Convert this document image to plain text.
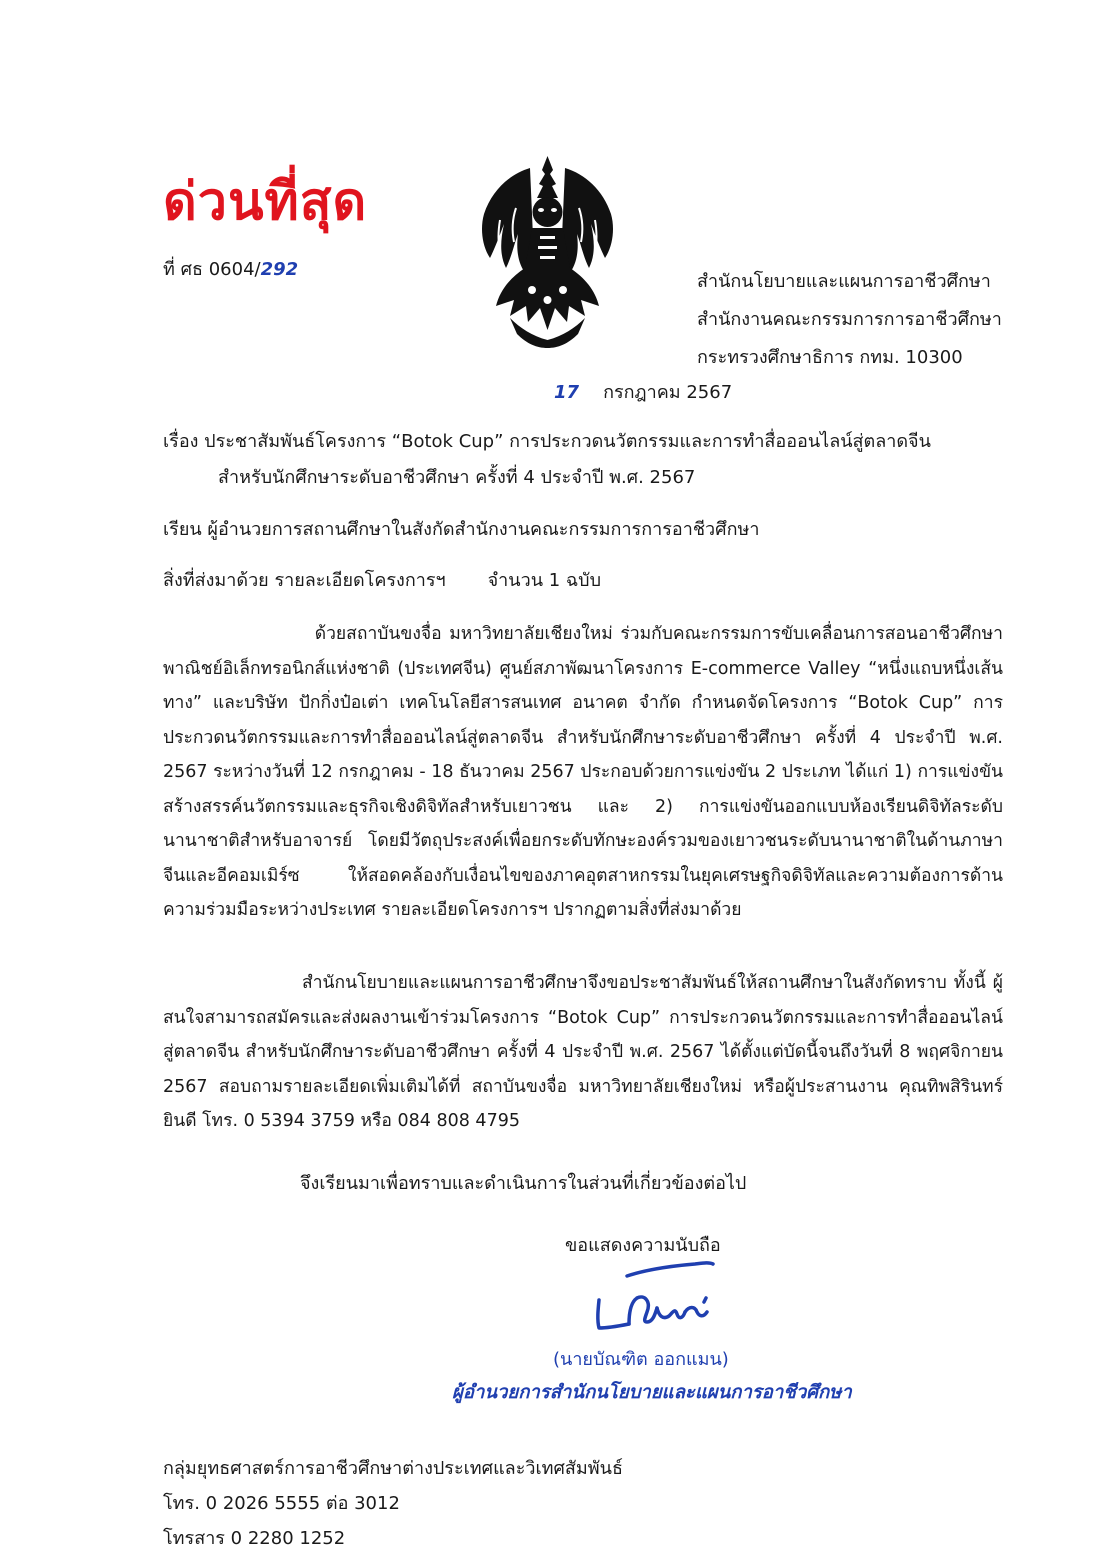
ด่วนที่สุด
ที่ ศธ 0604/292
สำนักนโยบายและแผนการอาชีวศึกษา
สำนักงานคณะกรรมการการอาชีวศึกษา
กระทรวงศึกษาธิการ กทม. 10300
17 กรกฎาคม 2567
เรื่อง ประชาสัมพันธ์โครงการ “Botok Cup” การประกวดนวัตกรรมและการทำสื่อออนไลน์สู่ตลาดจีน
สำหรับนักศึกษาระดับอาชีวศึกษา ครั้งที่ 4 ประจำปี พ.ศ. 2567
เรียน ผู้อำนวยการสถานศึกษาในสังกัดสำนักงานคณะกรรมการการอาชีวศึกษา
สิ่งที่ส่งมาด้วย รายละเอียดโครงการฯ จำนวน 1 ฉบับ
ด้วยสถาบันขงจื่อ มหาวิทยาลัยเชียงใหม่ ร่วมกับคณะกรรมการขับเคลื่อนการสอนอาชีวศึกษาพาณิชย์อิเล็กทรอนิกส์แห่งชาติ (ประเทศจีน) ศูนย์สภาพัฒนาโครงการ E-commerce Valley “หนึ่งแถบหนึ่งเส้นทาง” และบริษัท ปักกิ่งป๋อเต่า เทคโนโลยีสารสนเทศ อนาคต จำกัด กำหนดจัดโครงการ “Botok Cup” การประกวดนวัตกรรมและการทำสื่อออนไลน์สู่ตลาดจีน สำหรับนักศึกษาระดับอาชีวศึกษา ครั้งที่ 4 ประจำปี พ.ศ. 2567 ระหว่างวันที่ 12 กรกฎาคม - 18 ธันวาคม 2567 ประกอบด้วยการแข่งขัน 2 ประเภท ได้แก่ 1) การแข่งขันสร้างสรรค์นวัตกรรมและธุรกิจเชิงดิจิทัลสำหรับเยาวชน และ 2) การแข่งขันออกแบบห้องเรียนดิจิทัลระดับนานาชาติสำหรับอาจารย์ โดยมีวัตถุประสงค์เพื่อยกระดับทักษะองค์รวมของเยาวชนระดับนานาชาติในด้านภาษาจีนและอีคอมเมิร์ซ ให้สอดคล้องกับเงื่อนไขของภาคอุตสาหกรรมในยุคเศรษฐกิจดิจิทัลและความต้องการด้านความร่วมมือระหว่างประเทศ รายละเอียดโครงการฯ ปรากฏตามสิ่งที่ส่งมาด้วย
สำนักนโยบายและแผนการอาชีวศึกษาจึงขอประชาสัมพันธ์ให้สถานศึกษาในสังกัดทราบ ทั้งนี้ ผู้สนใจสามารถสมัครและส่งผลงานเข้าร่วมโครงการ “Botok Cup” การประกวดนวัตกรรมและการทำสื่อออนไลน์สู่ตลาดจีน สำหรับนักศึกษาระดับอาชีวศึกษา ครั้งที่ 4 ประจำปี พ.ศ. 2567 ได้ตั้งแต่บัดนี้จนถึงวันที่ 8 พฤศจิกายน 2567 สอบถามรายละเอียดเพิ่มเติมได้ที่ สถาบันขงจื่อ มหาวิทยาลัยเชียงใหม่ หรือผู้ประสานงาน คุณทิพสิรินทร์ ยินดี โทร. 0 5394 3759 หรือ 084 808 4795
จึงเรียนมาเพื่อทราบและดำเนินการในส่วนที่เกี่ยวข้องต่อไป
ขอแสดงความนับถือ
(นายบัณฑิต ออกแมน)
ผู้อำนวยการสำนักนโยบายและแผนการอาชีวศึกษา
กลุ่มยุทธศาสตร์การอาชีวศึกษาต่างประเทศและวิเทศสัมพันธ์
โทร. 0 2026 5555 ต่อ 3012
โทรสาร 0 2280 1252
